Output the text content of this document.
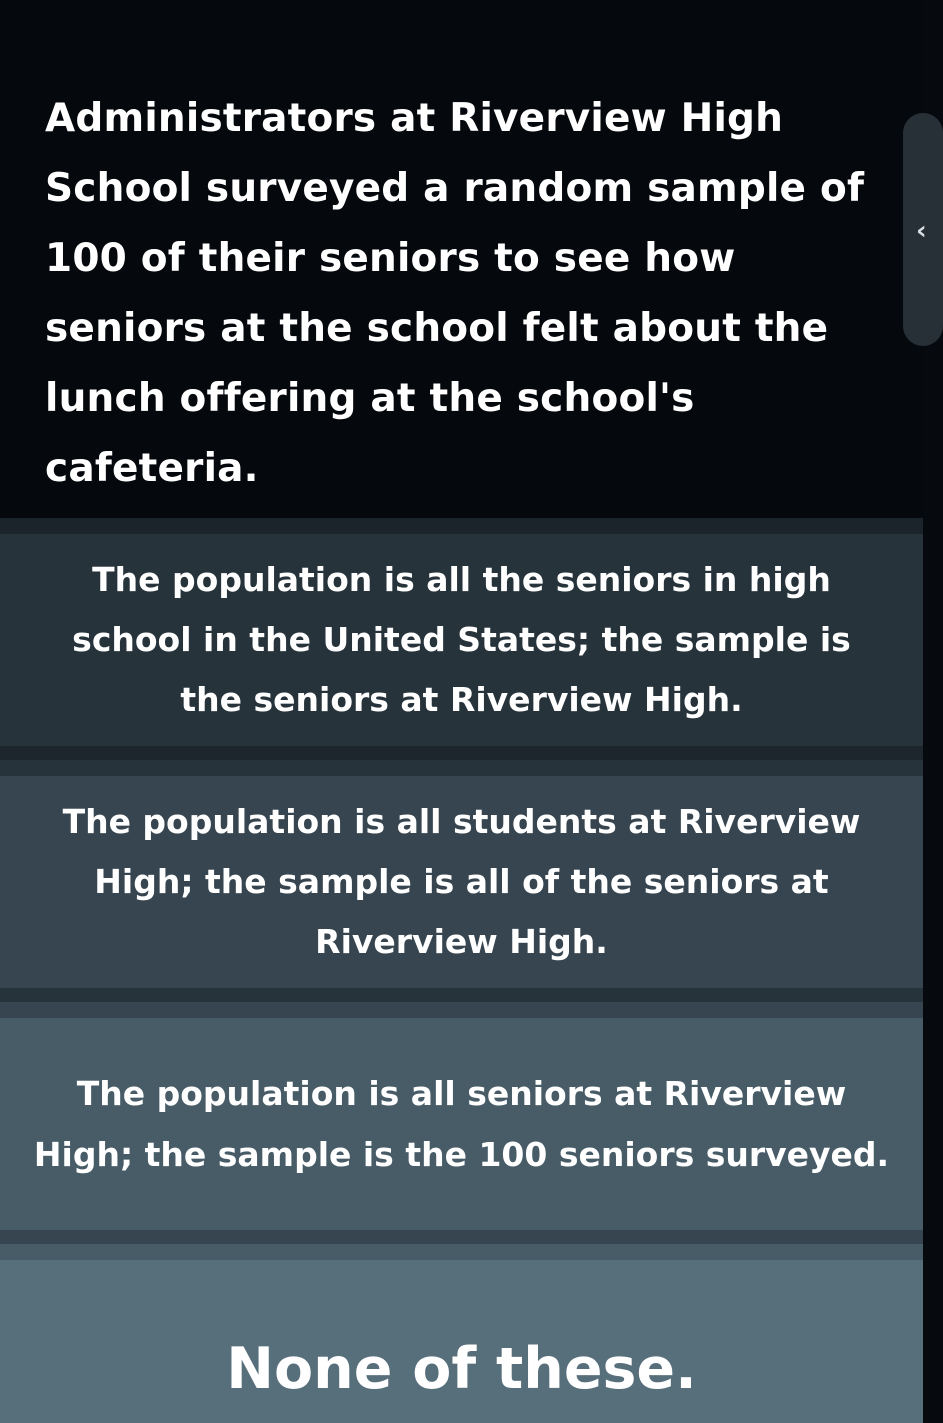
Administrators at Riverview High School surveyed a random sample of 100 of their seniors to see how seniors at the school felt about the lunch offering at the school's cafeteria.
‹
The population is all the seniors in high school in the United States; the sample is the seniors at Riverview High.
The population is all students at Riverview High; the sample is all of the seniors at Riverview High.
The population is all seniors at Riverview High; the sample is the 100 seniors surveyed.
None of these.
